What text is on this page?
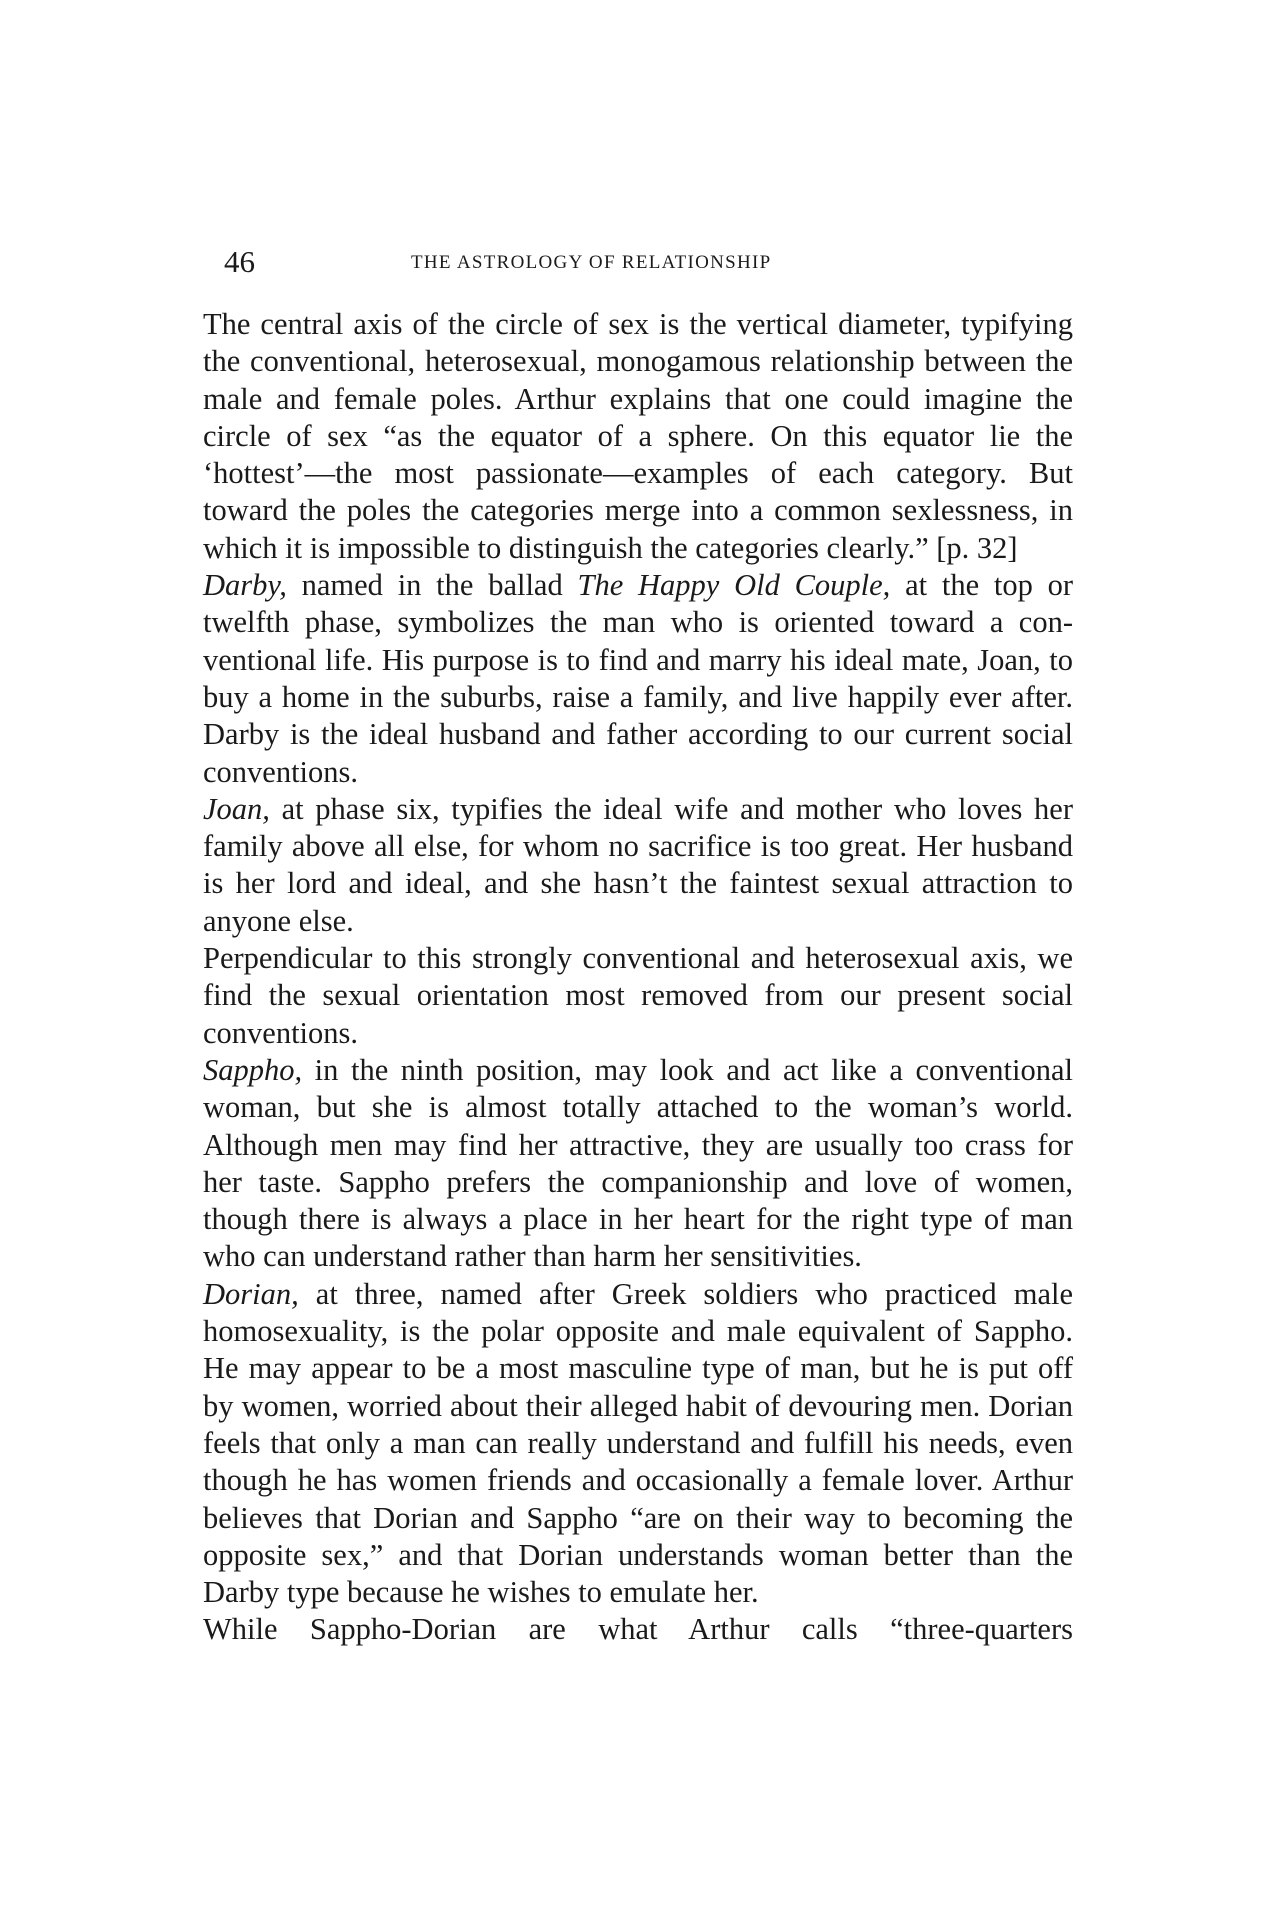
46	THE ASTROLOGY OF RELATIONSHIP

The central axis of the circle of sex is the vertical diameter, typifying the conventional, heterosexual, monogamous relationship between the male and female poles. Arthur explains that one could imagine the circle of sex “as the equator of a sphere. On this equator lie the ‘hottest’—the most passionate—examples of each category. But toward the poles the categories merge into a common sexlessness, in which it is impossible to distinguish the categories clearly.” [p. 32]

Darby, named in the ballad The Happy Old Couple, at the top or twelfth phase, symbolizes the man who is oriented toward a conventional life. His purpose is to find and marry his ideal mate, Joan, to buy a home in the suburbs, raise a family, and live happily ever after. Darby is the ideal husband and father according to our current social conventions.

Joan, at phase six, typifies the ideal wife and mother who loves her family above all else, for whom no sacrifice is too great. Her husband is her lord and ideal, and she hasn’t the faintest sexual attraction to anyone else.

Perpendicular to this strongly conventional and heterosexual axis, we find the sexual orientation most removed from our present social conventions.

Sappho, in the ninth position, may look and act like a conventional woman, but she is almost totally attached to the woman’s world. Although men may find her attractive, they are usually too crass for her taste. Sappho prefers the companionship and love of women, though there is always a place in her heart for the right type of man who can understand rather than harm her sensitivities.

Dorian, at three, named after Greek soldiers who practiced male homosexuality, is the polar opposite and male equivalent of Sappho. He may appear to be a most masculine type of man, but he is put off by women, worried about their alleged habit of devouring men. Dorian feels that only a man can really understand and fulfill his needs, even though he has women friends and occasionally a female lover. Arthur believes that Dorian and Sappho “are on their way to becoming the opposite sex,” and that Dorian understands woman better than the Darby type because he wishes to emulate her.

While Sappho-Dorian are what Arthur calls “three-quarters
